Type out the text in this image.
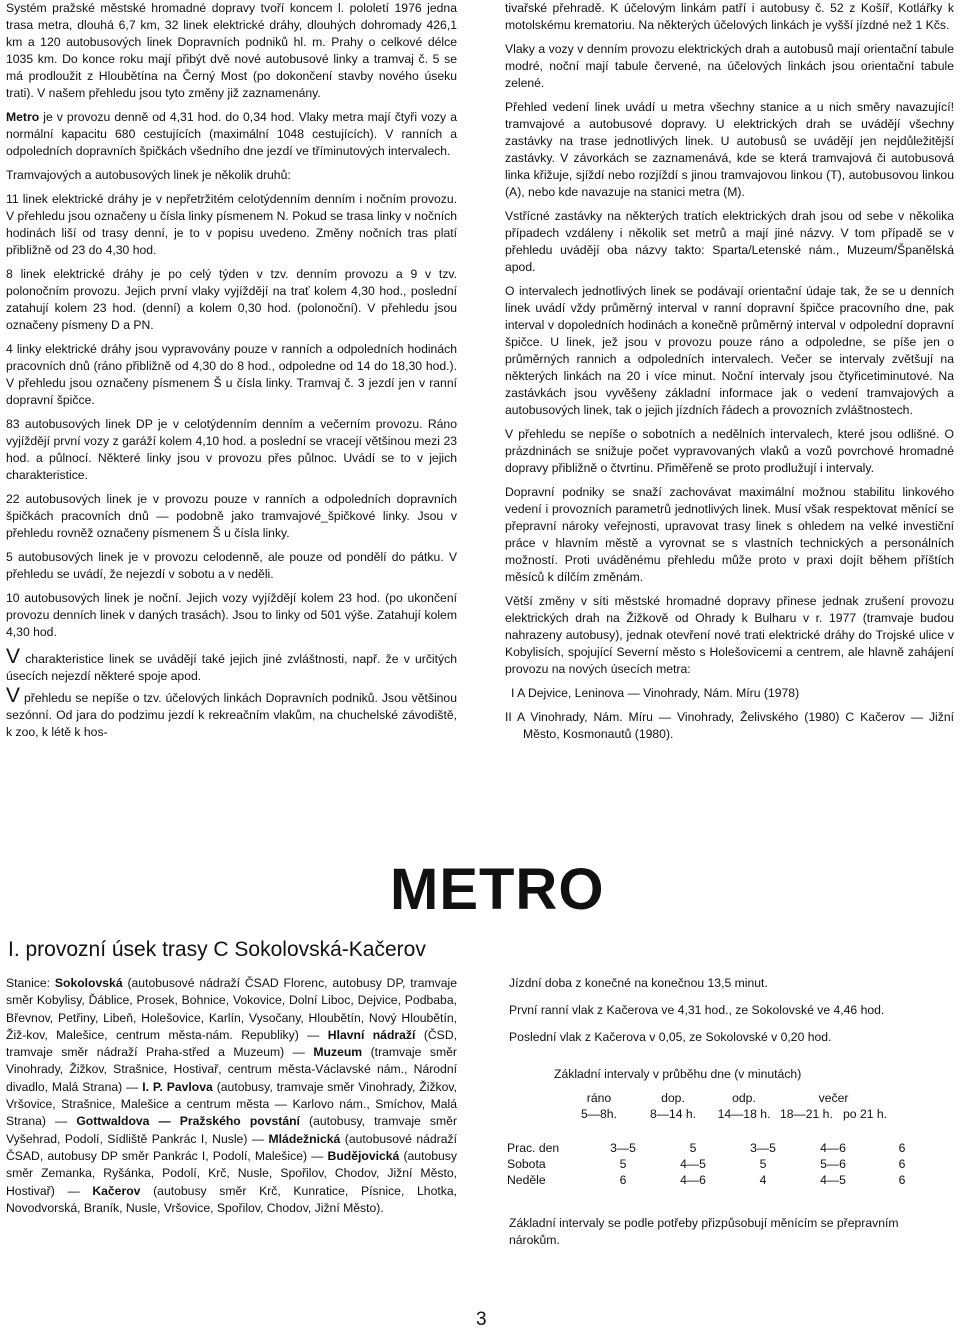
Systém pražské městské hromadné dopravy tvoří koncem l. pololetí 1976 jedna trasa metra, dlouhá 6,7 km, 32 linek elektrické dráhy, dlouhých dohromady 426,1 km a 120 autobusových linek Dopravních podniků hl. m. Prahy o celkové délce 1035 km. Do konce roku mají přibýt dvě nové autobusové linky a tramvaj č. 5 se má prodloužit z Hloubětína na Černý Most (po dokončení stavby nového úseku trati). V našem přehledu jsou tyto změny již zaznamenány.

Metro je v provozu denně od 4,31 hod. do 0,34 hod. Vlaky metra mají čtyři vozy a normální kapacitu 680 cestujících (maximální 1048 cestujících). V ranních a odpoledních dopravních špičkách všedního dne jezdí ve tříminutových intervalech.

Tramvajových a autobusových linek je několik druhů:

11 linek elektrické dráhy je v nepřetržitém celotýdenním denním i nočním provozu. V přehledu jsou označeny u čísla linky písmenem N. Pokud se trasa linky v nočních hodinách liší od trasy denní, je to v popisu uvedeno. Změny nočních tras platí přibližně od 23 do 4,30 hod.

8 linek elektrické dráhy je po celý týden v tzv. denním provozu a 9 v tzv. polonočním provozu. Jejich první vlaky vyjíždějí na trať kolem 4,30 hod., poslední zatahují kolem 23 hod. (denní) a kolem 0,30 hod. (polonoční). V přehledu jsou označeny písmeny D a PN.

4 linky elektrické dráhy jsou vypravovány pouze v ranních a odpoledních hodinách pracovních dnů (ráno přibližně od 4,30 do 8 hod., odpoledne od 14 do 18,30 hod.). V přehledu jsou označeny písmenem Š u čísla linky. Tramvaj č. 3 jezdí jen v ranní dopravní špičce.

83 autobusových linek DP je v celotýdenním denním a večerním provozu. Ráno vyjíždějí první vozy z garáží kolem 4,10 hod. a poslední se vracejí většinou mezi 23 hod. a půlnocí. Některé linky jsou v provozu přes půlnoc. Uvádí se to v jejich charakteristice.

22 autobusových linek je v provozu pouze v ranních a odpoledních dopravních špičkách pracovních dnů — podobně jako tramvajové_špičkové linky. Jsou v přehledu rovněž označeny písmenem Š u čísla linky.

5 autobusových linek je v provozu celodenně, ale pouze od pondělí do pátku. V přehledu se uvádí, že nejezdí v sobotu a v neděli.

10 autobusových linek je noční. Jejich vozy vyjíždějí kolem 23 hod. (po ukončení provozu denních linek v daných trasách). Jsou to linky od 501 výše. Zatahují kolem 4,30 hod.

V charakteristice linek se uvádějí také jejich jiné zvláštnosti, např. že v určitých úsecích nejezdí některé spoje apod.

V přehledu se nepíše o tzv. účelových linkách Dopravních podniků. Jsou většinou sezónní. Od jara do podzimu jezdí k rekreačním vlakům, na chuchelské závodiště, k zoo, k létě k hos-

tivařské přehradě. K účelovým linkám patří i autobusy č. 52 z Košíř, Kotlářky k motolskému krematoriu. Na některých účelových linkách je vyšší jízdné než 1 Kčs.

Vlaky a vozy v denním provozu elektrických drah a autobusů mají orientační tabule modré, noční mají tabule červené, na účelových linkách jsou orientační tabule zelené.

Přehled vedení linek uvádí u metra všechny stanice a u nich směry navazující! tramvajové a autobusové dopravy. U elektrických drah se uvádějí všechny zastávky na trase jednotlivých linek. U autobusů se uvádějí jen nejdůležitější zastávky. V závorkách se zaznamenává, kde se která tramvajová či autobusová linka křižuje, sjíždí nebo rozjíždí s jinou tramvajovou linkou (T), autobusovou linkou (A), nebo kde navazuje na stanici metra (M).

Vstřícné zastávky na některých tratích elektrických drah jsou od sebe v několika případech vzdáleny i několik set metrů a mají jiné názvy. V tom případě se v přehledu uvádějí oba názvy takto: Sparta/Letenské nám., Muzeum/Španělská apod.

O intervalech jednotlivých linek se podávají orientační údaje tak, že se u denních linek uvádí vždy průměrný interval v ranní dopravní špičce pracovního dne, pak interval v dopoledních hodinách a konečně průměrný interval v odpolední dopravní špičce. U linek, jež jsou v provozu pouze ráno a odpoledne, se píše jen o průměrných rannich a odpoledních intervalech. Večer se intervaly zvětšují na některých linkách na 20 i více minut. Noční intervaly jsou čtyřicetiminutové. Na zastávkách jsou vyvěšeny základní informace jak o vedení tramvajových a autobusových linek, tak o jejich jízdních řádech a provozních zvláštnostech.

V přehledu se nepíše o sobotních a nedělních intervalech, které jsou odlišné. O prázdninách se snižuje počet vypravovaných vlaků a vozů povrchové hromadné dopravy přibližně o čtvrtinu. Přiměřeně se proto prodlužují i intervaly.

Dopravní podniky se snaží zachovávat maximální možnou stabilitu linkového vedení i provozních parametrů jednotlivých linek. Musí však respektovat měnící se přepravní nároky veřejnosti, upravovat trasy linek s ohledem na velké investiční práce v hlavním městě a vyrovnat se s vlastních technických a personálních možností. Proti uváděnému přehledu může proto v praxi dojít během příštích měsíců k dílčím změnám.

Větší změny v síti městské hromadné dopravy přinese jednak zrušení provozu elektrických drah na Žižkově od Ohrady k Bulharu v r. 1977 (tramvaje budou nahrazeny autobusy), jednak otevření nové trati elektrické dráhy do Trojské ulice v Kobylisích, spojující Severní město s Holešovicemi a centrem, ale hlavně zahájení provozu na nových úsecích metra:

I A Dejvice, Leninova — Vinohrady, Nám. Míru (1978)

II A Vinohrady, Nám. Míru — Vinohrady, Želivského (1980) C Kačerov — Jižní Město, Kosmonautů (1980).

METRO
I. provozní úsek trasy C Sokolovská-Kačerov

Stanice: Sokolovská (autobusové nádraží ČSAD Florenc, autobusy DP, tramvaje směr Kobylisy, Ďáblice, Prosek, Bohnice, Vokovice, Dolní Liboc, Dejvice, Podbaba, Břevnov, Petřiny, Libeň, Holešovice, Karlín, Vysočany, Hloubětín, Nový Hloubětín, Žiž-kov, Malešice, centrum města-nám. Republiky) — Hlavní nádraží (ČSD, tramvaje směr nádraží Praha-střed a Muzeum) — Muzeum (tramvaje směr Vinohrady, Žižkov, Strašnice, Hostivař, centrum města-Václavské nám., Národní divadlo, Malá Strana) — I. P. Pavlova (autobusy, tramvaje směr Vinohrady, Žižkov, Vršovice, Strašnice, Malešice a centrum města — Karlovo nám., Smíchov, Malá Strana) — Gottwaldova — Pražského povstání (autobusy, tramvaje směr Vyšehrad, Podolí, Sídliště Pankrác I, Nusle) — Mládežnická (autobusové nádraží ČSAD, autobusy DP směr Pankrác I, Podolí, Malešice) — Budějovická (autobusy směr Zemanka, Ryšánka, Podolí, Krč, Nusle, Spořilov, Chodov, Jižní Město, Hostivař) — Kačerov (autobusy směr Krč, Kunratice, Písnice, Lhotka, Novodvorská, Braník, Nusle, Vršovice, Spořilov, Chodov, Jižní Město).

Jízdní doba z konečné na konečnou 13,5 minut.

První ranní vlak z Kačerova ve 4,31 hod., ze Sokolovské ve 4,46 hod.

Poslední vlak z Kačerova v 0,05, ze Sokolovské v 0,20 hod.

Základní intervaly v průběhu dne (v minutách)

ráno	dop.	odp.	večer
5—8h.	8—14 h.	14—18 h.	18—21 h.   po 21 h.
Prac. den	3—5	5	3—5	4—6	6
Sobota	5	4—5	5	5—6	6
Neděle	6	4—6	4	4—5	6

Základní intervaly se podle potřeby přizpůsobují měnícím se přepravním nárokům.

3
